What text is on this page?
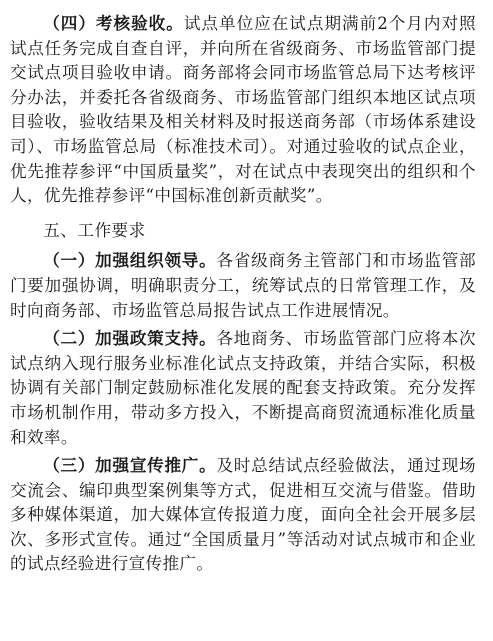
（四）考核验收。试点单位应在试点期满前2个月内对照试点任务完成自查自评，并向所在省级商务、市场监管部门提交试点项目验收申请。商务部将会同市场监管总局下达考核评分办法，并委托各省级商务、市场监管部门组织本地区试点项目验收，验收结果及相关材料及时报送商务部（市场体系建设司）、市场监管总局（标准技术司）。对通过验收的试点企业，优先推荐参评“中国质量奖”，对在试点中表现突出的组织和个人，优先推荐参评“中国标准创新贡献奖”。

五、工作要求

（一）加强组织领导。各省级商务主管部门和市场监管部门要加强协调，明确职责分工，统筹试点的日常管理工作，及时向商务部、市场监管总局报告试点工作进展情况。

（二）加强政策支持。各地商务、市场监管部门应将本次试点纳入现行服务业标准化试点支持政策，并结合实际，积极协调有关部门制定鼓励标准化发展的配套支持政策。充分发挥市场机制作用，带动多方投入，不断提高商贸流通标准化质量和效率。

（三）加强宣传推广。及时总结试点经验做法，通过现场交流会、编印典型案例集等方式，促进相互交流与借鉴。借助多种媒体渠道，加大媒体宣传报道力度，面向全社会开展多层次、多形式宣传。通过“全国质量月”等活动对试点城市和企业的试点经验进行宣传推广。
